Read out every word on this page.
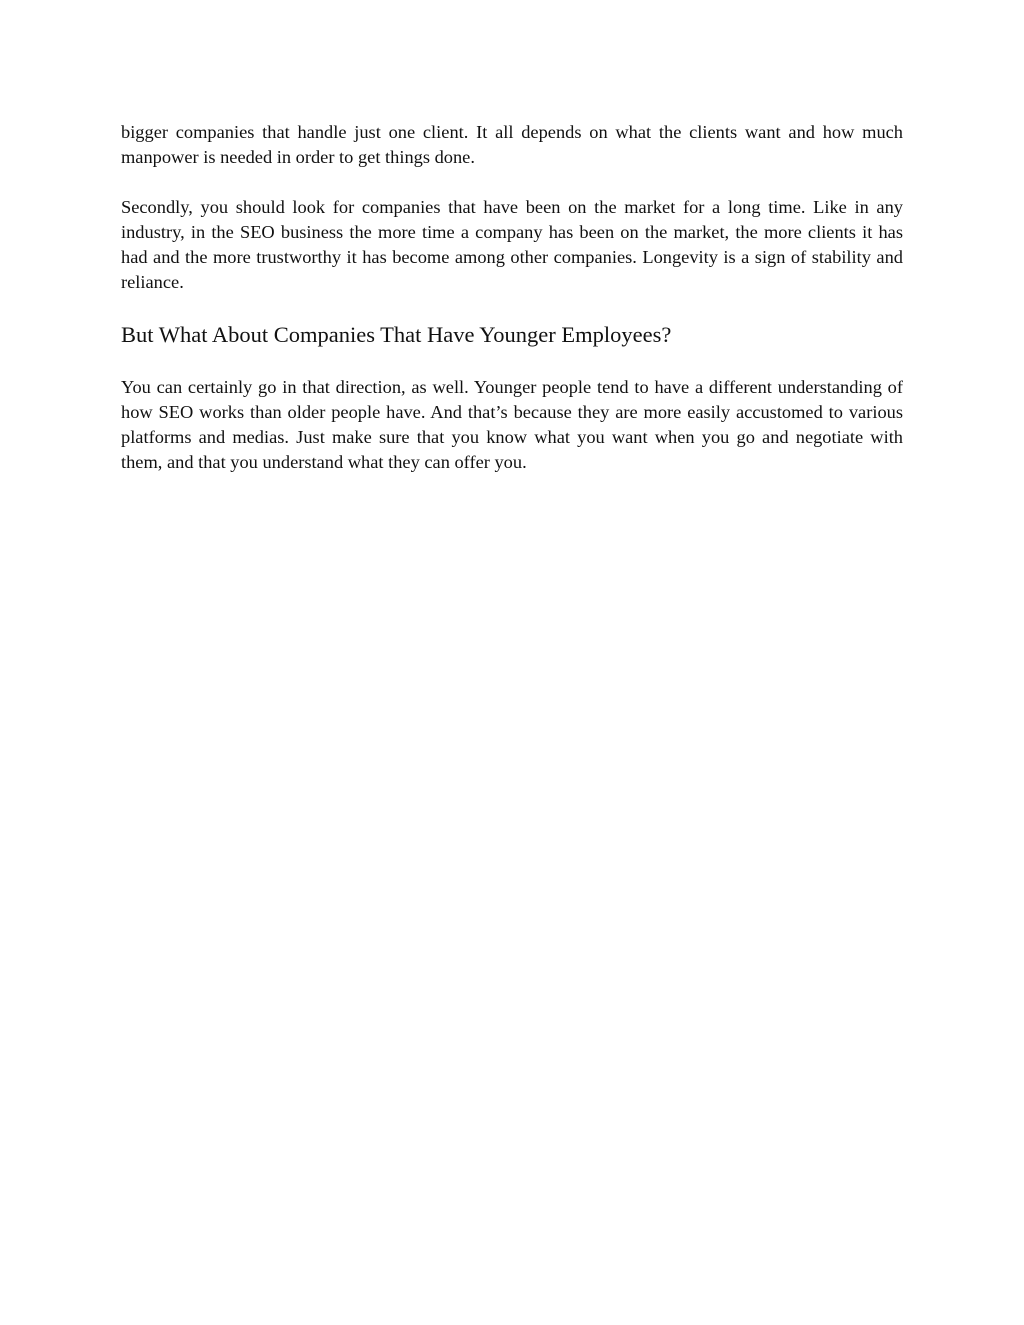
bigger companies that handle just one client. It all depends on what the clients want and how much manpower is needed in order to get things done.

Secondly, you should look for companies that have been on the market for a long time. Like in any industry, in the SEO business the more time a company has been on the market, the more clients it has had and the more trustworthy it has become among other companies. Longevity is a sign of stability and reliance.

But What About Companies That Have Younger Employees?

You can certainly go in that direction, as well. Younger people tend to have a different understanding of how SEO works than older people have. And that’s because they are more easily accustomed to various platforms and medias. Just make sure that you know what you want when you go and negotiate with them, and that you understand what they can offer you.
